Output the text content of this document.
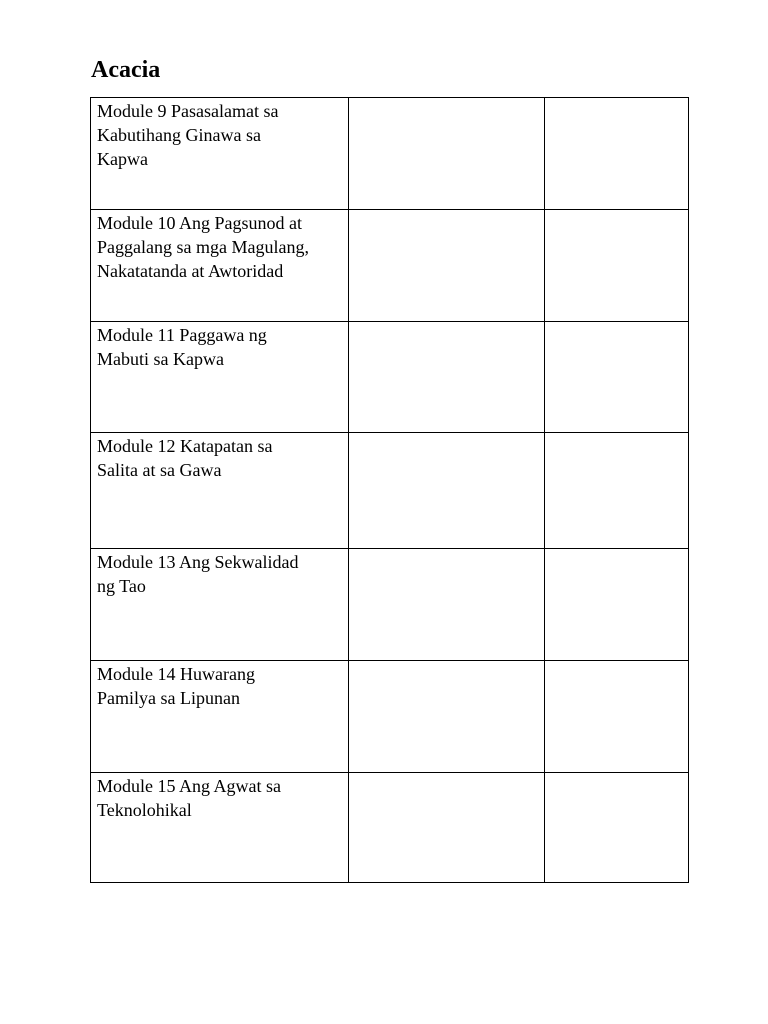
Acacia
Module 9 Pasasalamat sa
Kabutihang Ginawa sa
Kapwa		

Module 10 Ang Pagsunod at
Paggalang sa mga Magulang,
Nakatatanda at Awtoridad		

Module 11 Paggawa ng
Mabuti sa Kapwa		

Module 12 Katapatan sa
Salita at sa Gawa		

Module 13 Ang Sekwalidad
ng Tao		

Module 14 Huwarang
Pamilya sa Lipunan		

Module 15 Ang Agwat sa
Teknolohikal		
